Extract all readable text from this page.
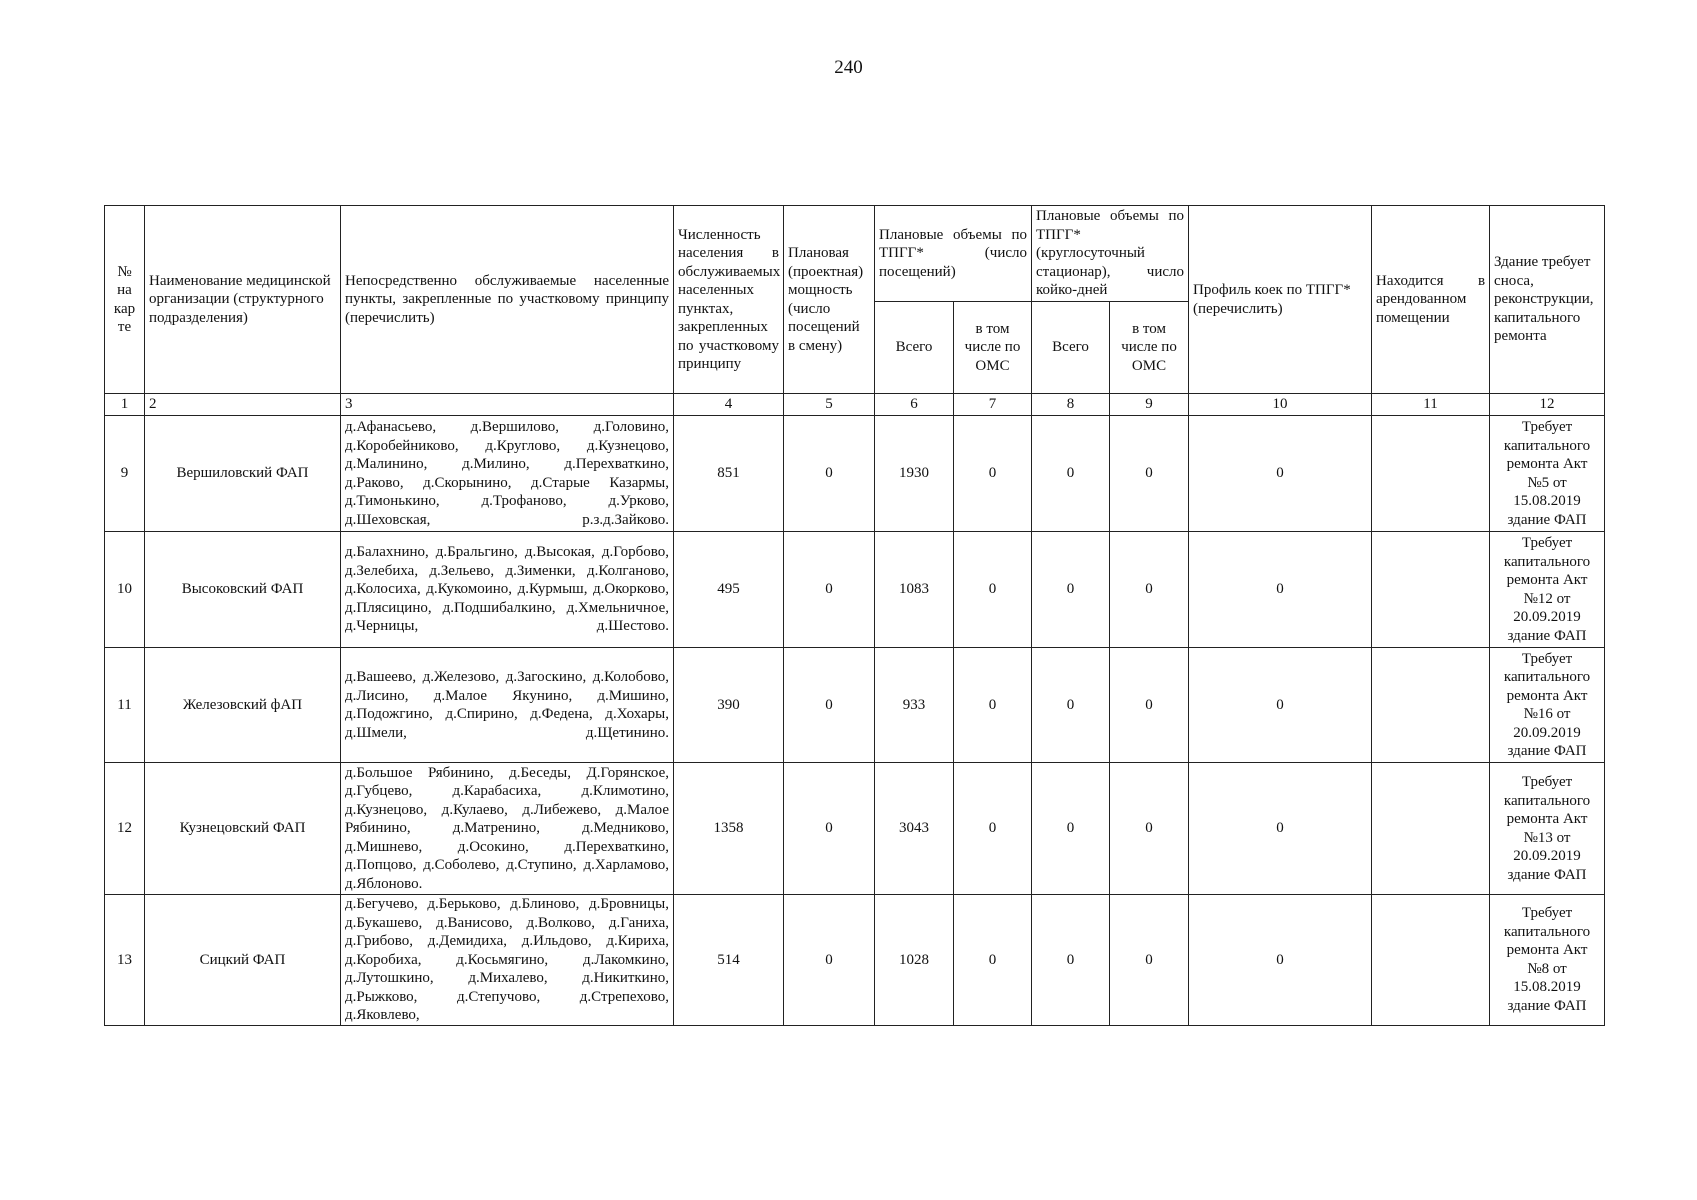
240
№ на кар те	Наименование медицинской организации (структурного подразделения)	Непосредственно обслуживаемые населенные пункты, закрепленные по участковому принципу (перечислить)	Численность населения в обслуживаемых населенных пунктах, закрепленных по участковому принципу	Плановая (проектная) мощность (число посещений в смену)	Плановые объемы по ТПГГ* (число посещений)		Плановые объемы по ТПГГ* (круглосуточный стационар), число койко-дней		Профиль коек по ТПГГ* (перечислить)	Находится в арендованном помещении	Здание требует сноса, реконструкции, капитального ремонта
					Всего	в том числе по ОМС	Всего	в том числе по ОМС			
1	2	3	4	5	6	7	8	9	10	11	12
9	Вершиловский ФАП	д.Афанасьево, д.Вершилово, д.Головино, д.Коробейниково, д.Круглово, д.Кузнецово, д.Малинино, д.Милино, д.Перехваткино, д.Раково, д.Скорынино, д.Старые Казармы, д.Тимонькино, д.Трофаново, д.Урково, д.Шеховская, р.з.д.Зайково.	851	0	1930	0	0	0	0		Требует капитального ремонта Акт №5 от 15.08.2019 здание ФАП
10	Высоковский ФАП	д.Балахнино, д.Бральгино, д.Высокая, д.Горбово, д.Зелебиха, д.Зельево, д.Зименки, д.Колганово, д.Колосиха, д.Кукомоино, д.Курмыш, д.Окорково, д.Плясицино, д.Подшибалкино, д.Хмельничное, д.Черницы, д.Шестово.	495	0	1083	0	0	0	0		Требует капитального ремонта Акт №12 от 20.09.2019 здание ФАП
11	Железовский фАП	д.Вашеево, д.Железово, д.Загоскино, д.Колобово, д.Лисино, д.Малое Якунино, д.Мишино, д.Подожгино, д.Спирино, д.Федена, д.Хохары, д.Шмели, д.Щетинино.	390	0	933	0	0	0	0		Требует капитального ремонта Акт №16 от 20.09.2019 здание ФАП
12	Кузнецовский ФАП	д.Большое Рябинино, д.Беседы, Д.Горянское, д.Губцево, д.Карабасиха, д.Климотино, д.Кузнецово, д.Кулаево, д.Либежево, д.Малое Рябинино, д.Матренино, д.Медниково, д.Мишнево, д.Осокино, д.Перехваткино, д.Попцово, д.Соболево, д.Ступино, д.Харламово, д.Яблоново.	1358	0	3043	0	0	0	0		Требует капитального ремонта Акт №13 от 20.09.2019 здание ФАП
13	Сицкий ФАП	д.Бегучево, д.Берьково, д.Блиново, д.Бровницы, д.Букашево, д.Ванисово, д.Волково, д.Ганиха, д.Грибово, д.Демидиха, д.Ильдово, д.Кириха, д.Коробиха, д.Косьмягино, д.Лакомкино, д.Лутошкино, д.Михалево, д.Никиткино, д.Рыжково, д.Степучово, д.Стрепехово, д.Яковлево,	514	0	1028	0	0	0	0		Требует капитального ремонта Акт №8 от 15.08.2019 здание ФАП
